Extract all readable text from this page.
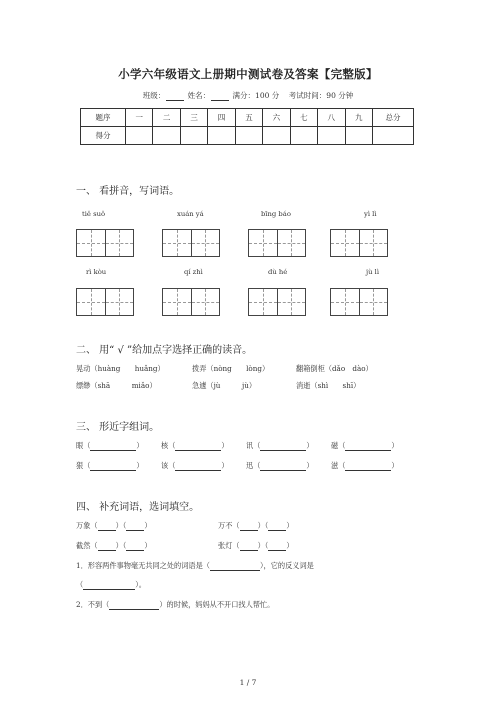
小学六年级语文上册期中测试卷及答案【完整版】
班级：	姓名：	满分：100 分 考试时间：90 分钟
题序	一	二	三	四	五	六	七	八	九	总分
得分										
一、 看拼音，写词语。
tiě suǒ	xuán yá	bīng báo	yì lì
rì kòu	qí zhì	dù hé	jù lì
二、 用“ √ ”给加点字选择正确的读音。
晃动（huàng　　huǎng）	拨弄（nòng　　lòng）	翻箱倒柜（dǎo　dào）
缥缈（shā　　　miǎo）	急遽（jù　　　jù）	消逝（shì　　shī）
三、 形近字组词。
眼（	） 核（	） 讯（	） 磁（	）
狠（	） 该（	） 迅（	） 滋（	）
四、 补充词语，选词填空。
万象（	）（	）	万不（	）（	）
截然（	）（	）	张灯（	）（	）
1．形容两件事物毫无共同之处的词语是（	），它的反义词是
（	）。
2．不到（	）的时候，妈妈从不开口找人帮忙。
1 / 7
